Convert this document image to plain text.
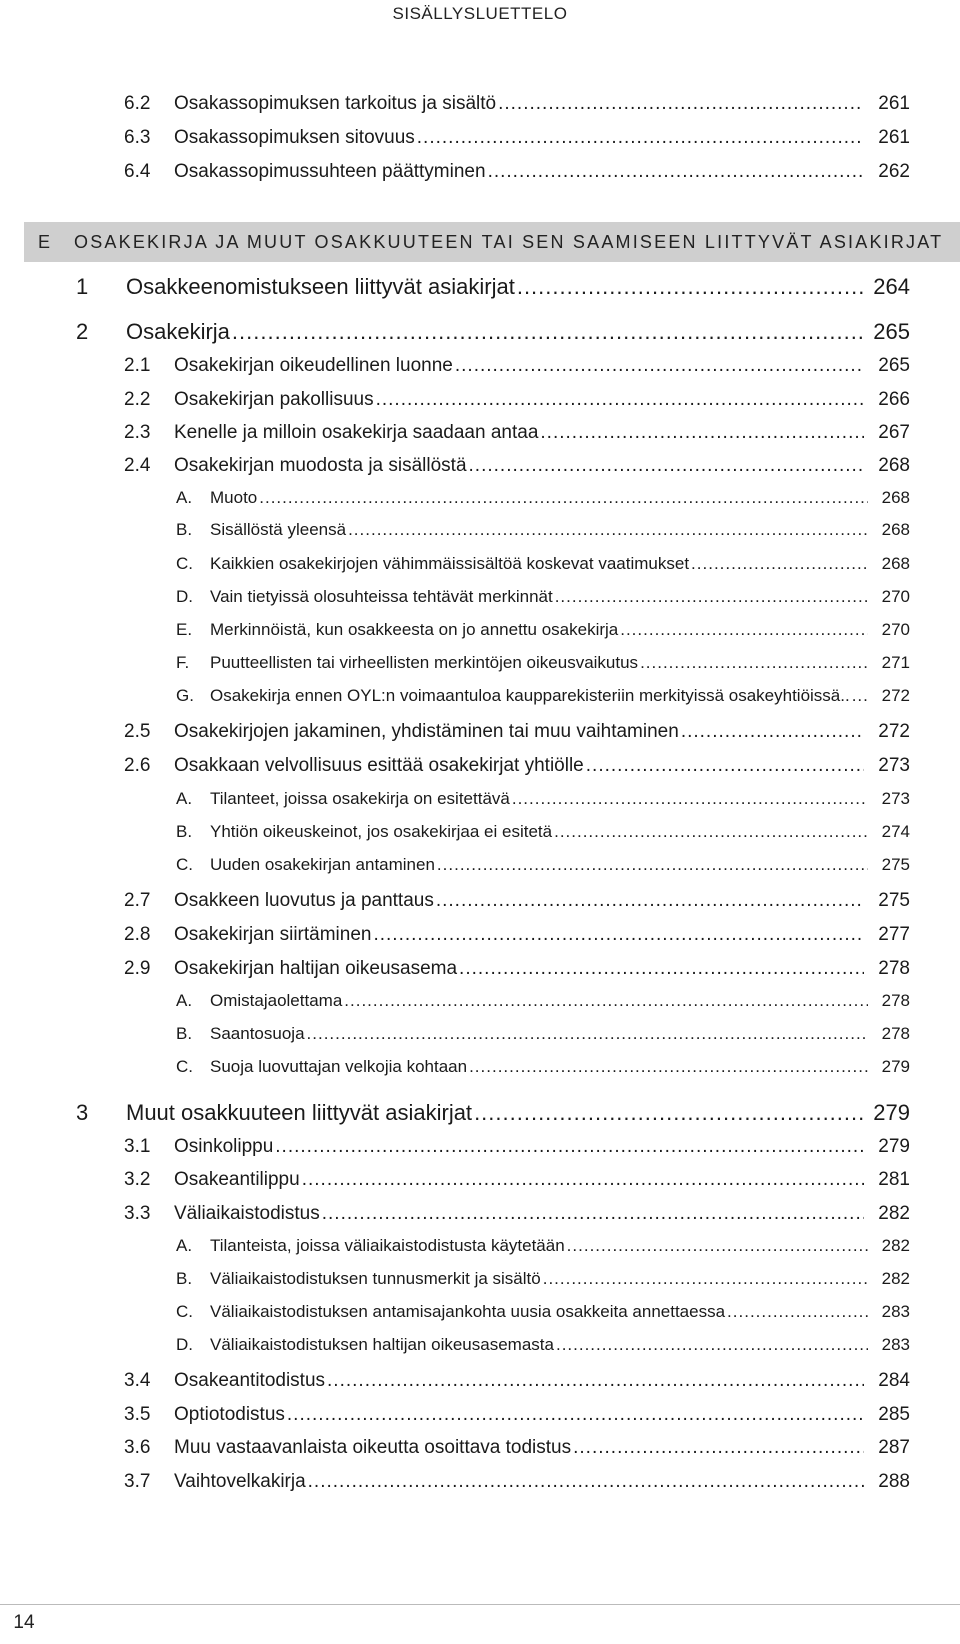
SISÄLLYSLUETTELO
E	OSAKEKIRJA JA MUUT OSAKKUUTEEN TAI SEN SAAMISEEN LIITTYVÄT ASIAKIRJAT
6.2	Osakassopimuksen tarkoitus ja sisältö .....	261
6.3	Osakassopimuksen sitovuus .....	261
6.4	Osakassopimussuhteen päättyminen .....	262
1	Osakkeenomistukseen liittyvät asiakirjat .....	264
2	Osakekirja .....	265
2.1	Osakekirjan oikeudellinen luonne .....	265
2.2	Osakekirjan pakollisuus .....	266
2.3	Kenelle ja milloin osakekirja saadaan antaa .....	267
2.4	Osakekirjan muodosta ja sisällöstä .....	268
A.	Muoto .....	268
B.	Sisällöstä yleensä .....	268
C.	Kaikkien osakekirjojen vähimmäissisältöä koskevat vaatimukset .....	268
D.	Vain tietyissä olosuhteissa tehtävät merkinnät .....	270
E.	Merkinnöistä, kun osakkeesta on jo annettu osakekirja .....	270
F.	Puutteellisten tai virheellisten merkintöjen oikeusvaikutus .....	271
G. Osakekirja ennen OYL:n voimaantuloa kaupparekisteriin merkityissä osakeyhtiöissä.. .....	272
2.5	Osakekirjojen jakaminen, yhdistäminen tai muu vaihtaminen .....	272
2.6	Osakkaan velvollisuus esittää osakekirjat yhtiölle .....	273
A.	Tilanteet, joissa osakekirja on esitettävä .....	273
B.	Yhtiön oikeuskeinot, jos osakekirjaa ei esitetä .....	274
C.	Uuden osakekirjan antaminen .....	275
2.7	Osakkeen luovutus ja panttaus .....	275
2.8	Osakekirjan siirtäminen .....	277
2.9	Osakekirjan haltijan oikeusasema .....	278
A.	Omistajaolettama .....	278
B.	Saantosuoja .....	278
C.	Suoja luovuttajan velkojia kohtaan .....	279
3	Muut osakkuuteen liittyvät asiakirjat .....	279
3.1	Osinkolippu .....	279
3.2	Osakeantilippu .....	281
3.3	Väliaikaistodistus .....	282
A.	Tilanteista, joissa väliaikaistodistusta käytetään .....	282
B.	Väliaikaistodistuksen tunnusmerkit ja sisältö .....	282
C.	Väliaikaistodistuksen antamisajankohta uusia osakkeita annettaessa .....	283
D.	Väliaikaistodistuksen haltijan oikeusasemasta .....	283
3.4	Osakeantitodistus .....	284
3.5	Optiotodistus .....	285
3.6	Muu vastaavanlaista oikeutta osoittava todistus .....	287
3.7	Vaihtovelkakirja .....	288
14
